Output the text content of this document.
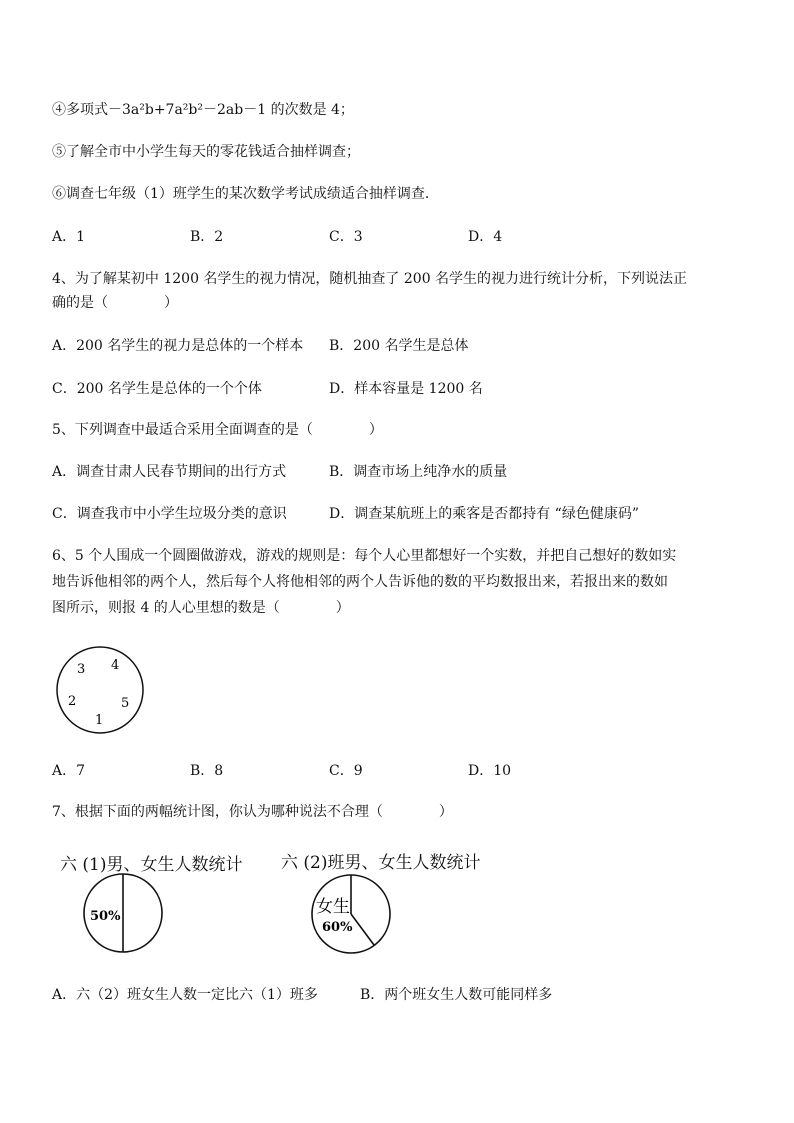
④多项式－3a²b+7a²b²－2ab－1 的次数是 4；
⑤了解全市中小学生每天的零花钱适合抽样调查；
⑥调查七年级（1）班学生的某次数学考试成绩适合抽样调查．
A．1	B．2	C．3	D．4
4、为了解某初中 1200 名学生的视力情况，随机抽查了 200 名学生的视力进行统计分析，下列说法正
确的是（　　　　）
A．200 名学生的视力是总体的一个样本 B．200 名学生是总体
C．200 名学生是总体的一个个体	D．样本容量是 1200 名
5、下列调查中最适合采用全面调查的是（　　　　）
A．调查甘肃人民春节期间的出行方式	B．调查市场上纯净水的质量
C．调查我市中小学生垃圾分类的意识	D．调查某航班上的乘客是否都持有 “绿色健康码”
6、5 个人围成一个圆圈做游戏，游戏的规则是：每个人心里都想好一个实数，并把自己想好的数如实
地告诉他相邻的两个人，然后每个人将他相邻的两个人告诉他的数的平均数报出来，若报出来的数如
图所示，则报 4 的人心里想的数是（　　　　）
3 4
2	5
1
A．7	B．8	C．9	D．10
7、根据下面的两幅统计图，你认为哪种说法不合理（　　　　）
六 (1)男、女生人数统计
50%
六 (2)班男、女生人数统计
女生
60%
A．六（2）班女生人数一定比六（1）班多	B．两个班女生人数可能同样多
